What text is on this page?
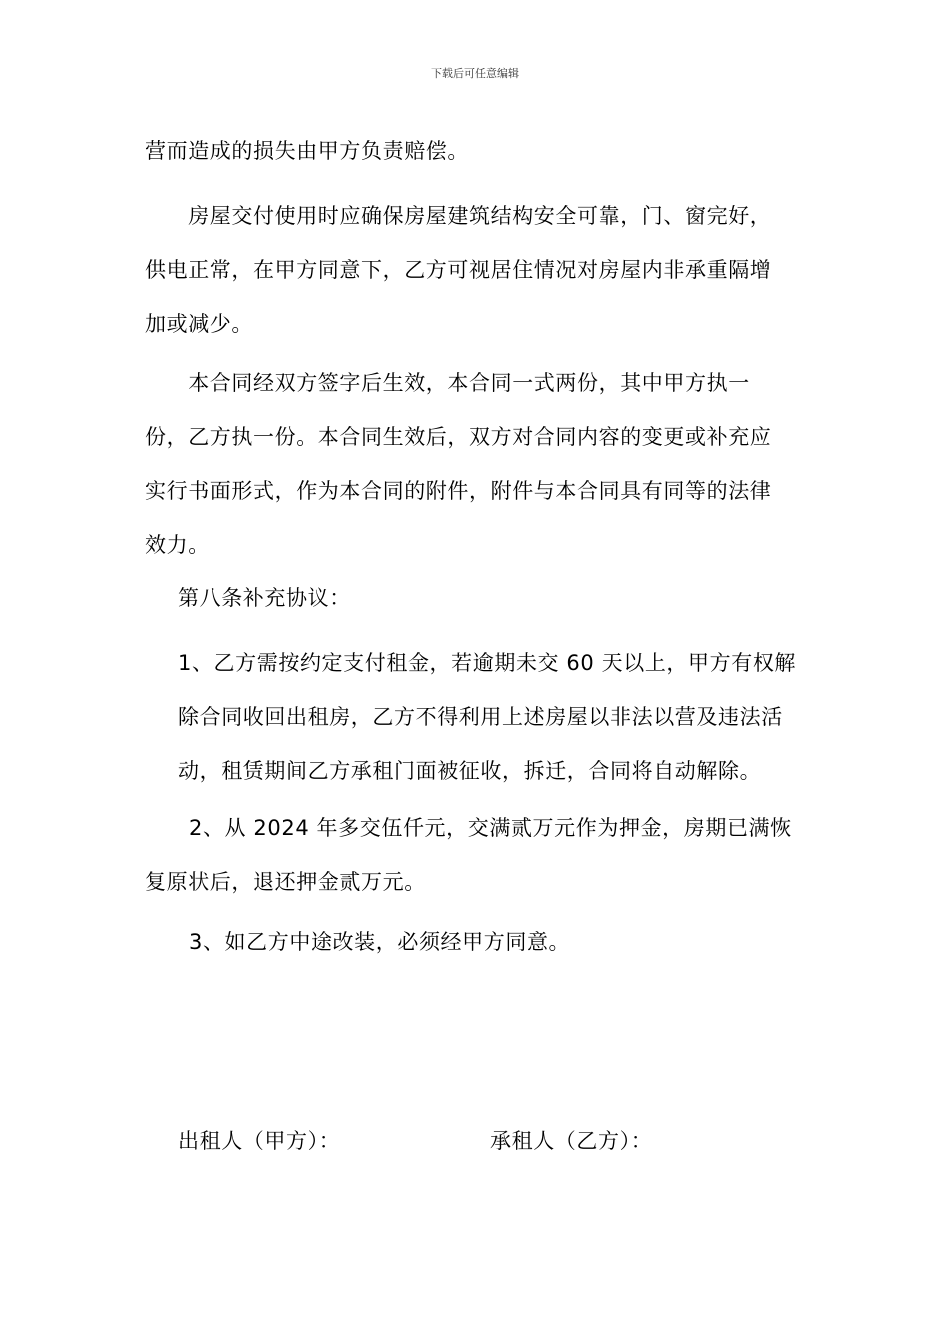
下载后可任意编辑
营而造成的损失由甲方负责赔偿。
　　房屋交付使用时应确保房屋建筑结构安全可靠，门、窗完好，
供电正常，在甲方同意下，乙方可视居住情况对房屋内非承重隔增
加或减少。
　　本合同经双方签字后生效，本合同一式两份，其中甲方执一
份，乙方执一份。本合同生效后，双方对合同内容的变更或补充应
实行书面形式，作为本合同的附件，附件与本合同具有同等的法律
效力。
第八条补充协议：
1、乙方需按约定支付租金，若逾期未交 60 天以上，甲方有权解
除合同收回出租房，乙方不得利用上述房屋以非法以营及违法活
动，租赁期间乙方承租门面被征收，拆迁，合同将自动解除。
2、从 2024 年多交伍仟元，交满贰万元作为押金，房期已满恢
复原状后，退还押金贰万元。
3、如乙方中途改装，必须经甲方同意。
出租人（甲方）：	承租人（乙方）：
